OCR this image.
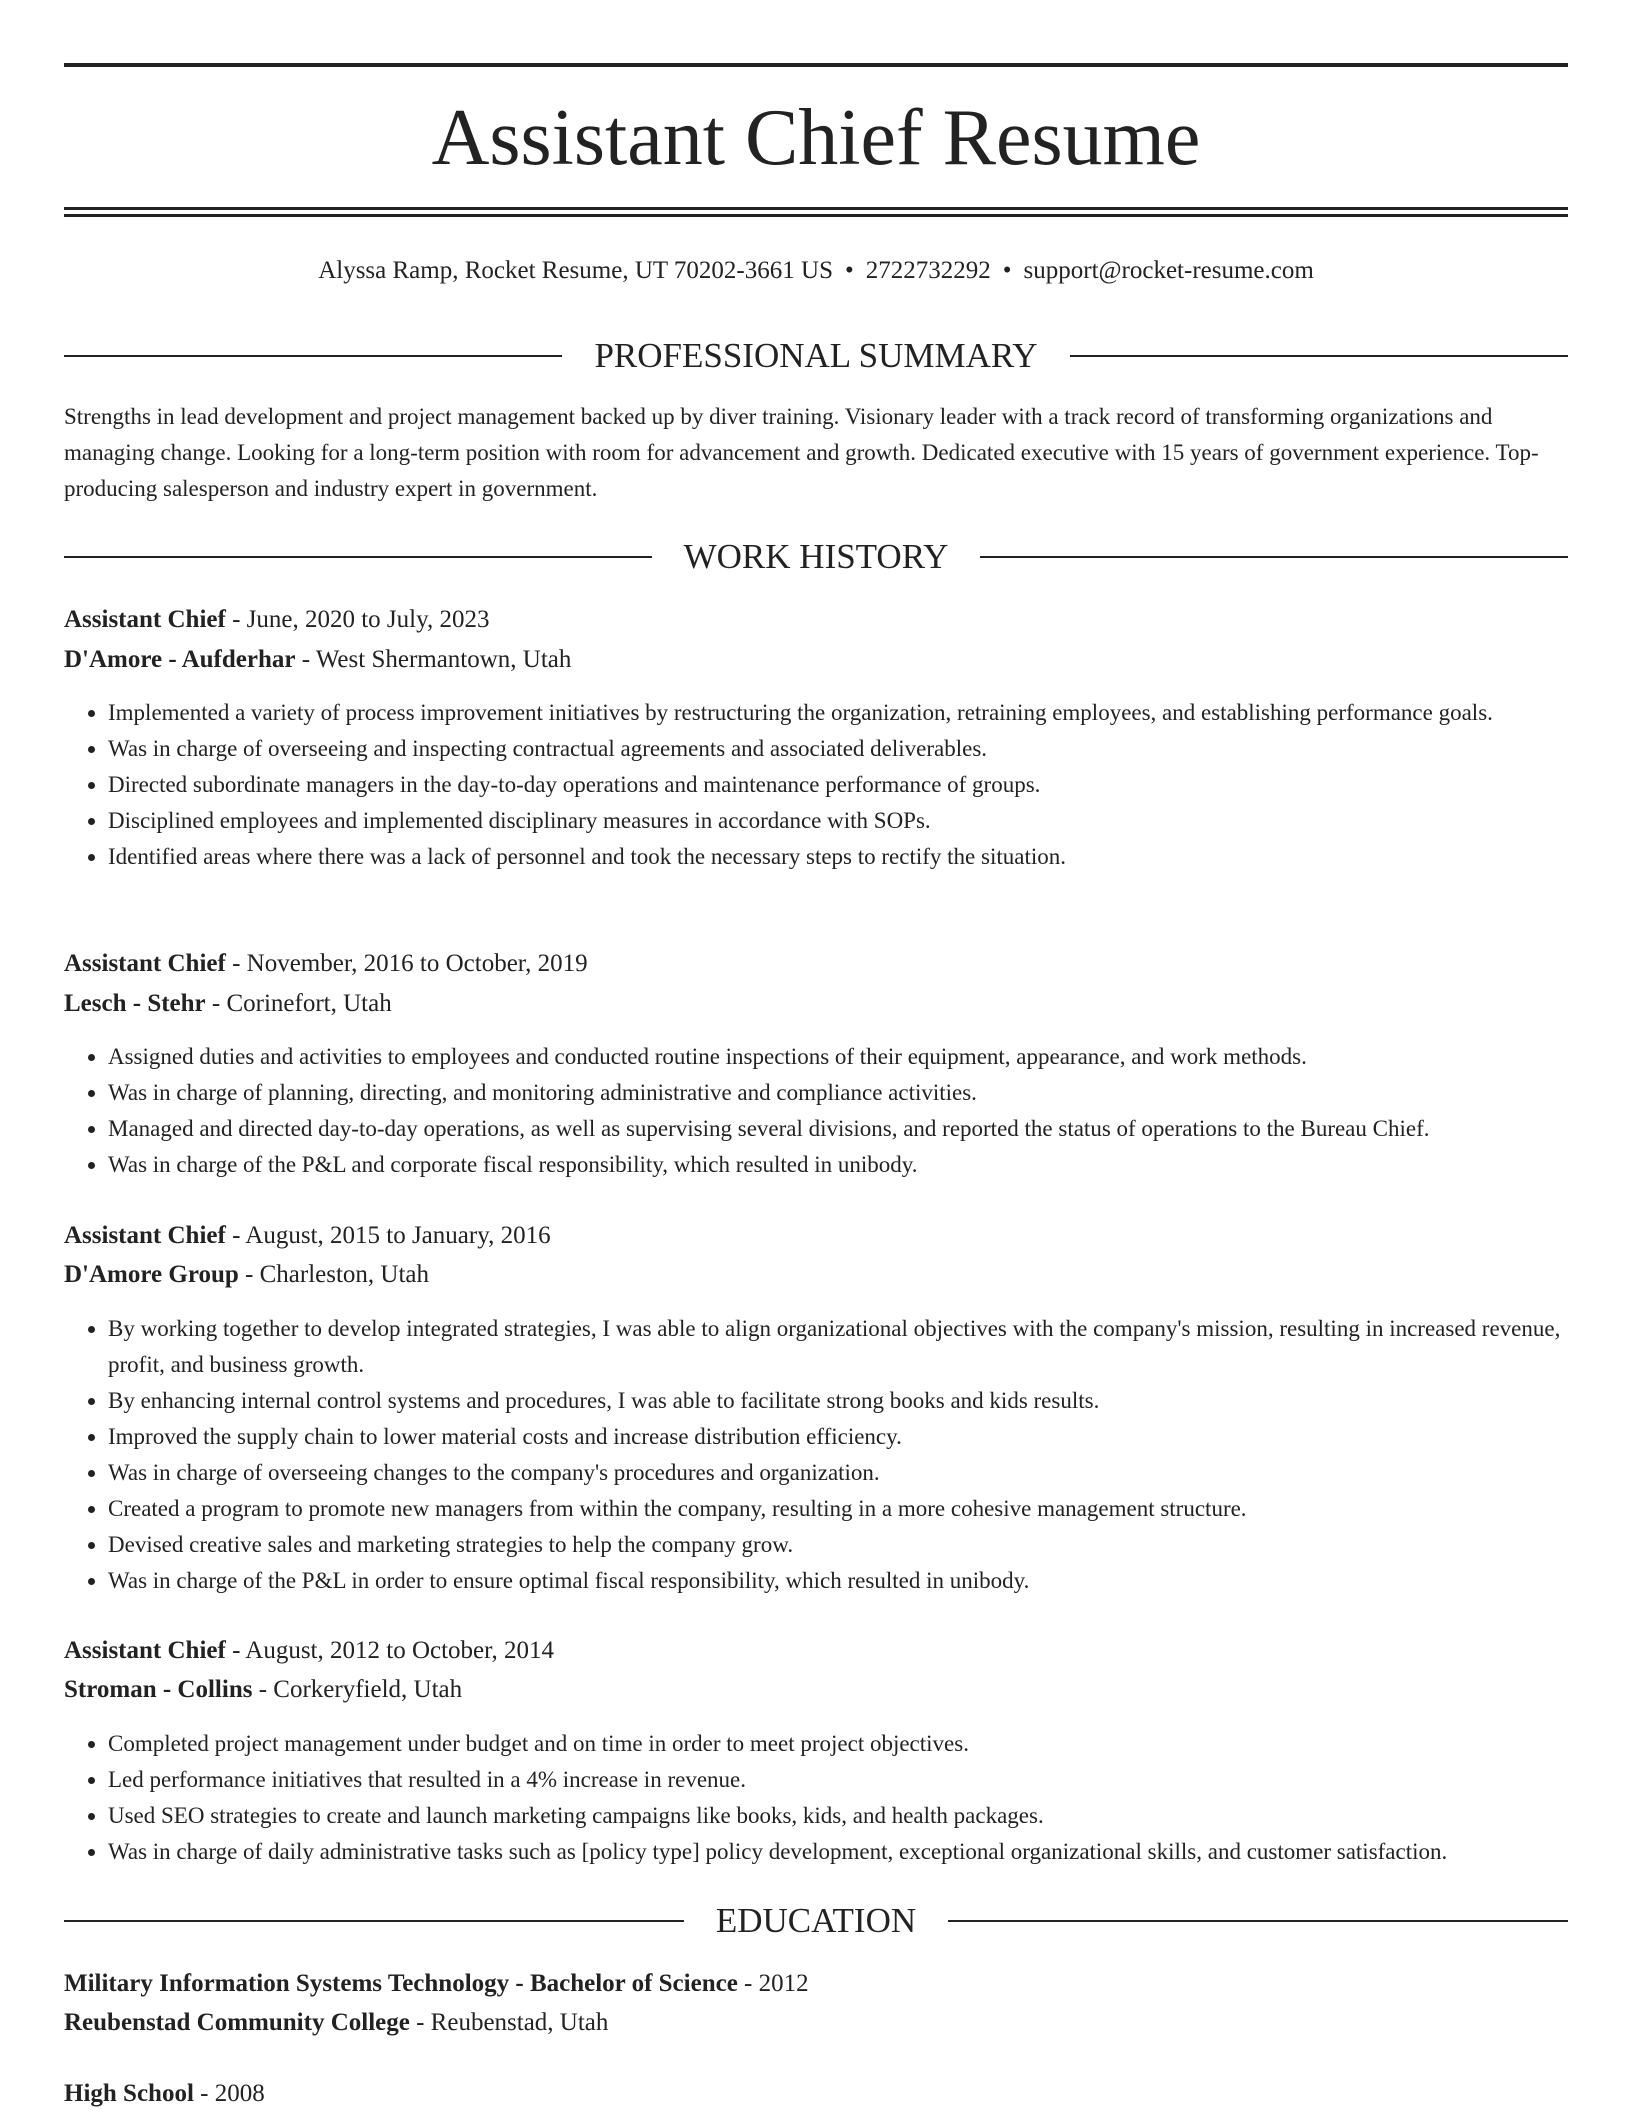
Assistant Chief Resume
Alyssa Ramp, Rocket Resume, UT 70202-3661 US • 2722732292 • support@rocket-resume.com
PROFESSIONAL SUMMARY

Strengths in lead development and project management backed up by diver training. Visionary leader with a track record of transforming organizations and managing change. Looking for a long-term position with room for advancement and growth. Dedicated executive with 15 years of government experience. Top-producing salesperson and industry expert in government.

WORK HISTORY
Assistant Chief - June, 2020 to July, 2023
D'Amore - Aufderhar - West Shermantown, Utah
• Implemented a variety of process improvement initiatives by restructuring the organization, retraining employees, and establishing performance goals.
• Was in charge of overseeing and inspecting contractual agreements and associated deliverables.
• Directed subordinate managers in the day-to-day operations and maintenance performance of groups.
• Disciplined employees and implemented disciplinary measures in accordance with SOPs.
• Identified areas where there was a lack of personnel and took the necessary steps to rectify the situation.
Assistant Chief - November, 2016 to October, 2019
Lesch - Stehr - Corinefort, Utah
• Assigned duties and activities to employees and conducted routine inspections of their equipment, appearance, and work methods.
• Was in charge of planning, directing, and monitoring administrative and compliance activities.
• Managed and directed day-to-day operations, as well as supervising several divisions, and reported the status of operations to the Bureau Chief.
• Was in charge of the P&L and corporate fiscal responsibility, which resulted in unibody.
Assistant Chief - August, 2015 to January, 2016
D'Amore Group - Charleston, Utah
• By working together to develop integrated strategies, I was able to align organizational objectives with the company's mission, resulting in increased revenue, profit, and business growth.
• By enhancing internal control systems and procedures, I was able to facilitate strong books and kids results.
• Improved the supply chain to lower material costs and increase distribution efficiency.
• Was in charge of overseeing changes to the company's procedures and organization.
• Created a program to promote new managers from within the company, resulting in a more cohesive management structure.
• Devised creative sales and marketing strategies to help the company grow.
• Was in charge of the P&L in order to ensure optimal fiscal responsibility, which resulted in unibody.
Assistant Chief - August, 2012 to October, 2014
Stroman - Collins - Corkeryfield, Utah
• Completed project management under budget and on time in order to meet project objectives.
• Led performance initiatives that resulted in a 4% increase in revenue.
• Used SEO strategies to create and launch marketing campaigns like books, kids, and health packages.
• Was in charge of daily administrative tasks such as [policy type] policy development, exceptional organizational skills, and customer satisfaction.
EDUCATION
Military Information Systems Technology - Bachelor of Science - 2012
Reubenstad Community College - Reubenstad, Utah
High School - 2008
